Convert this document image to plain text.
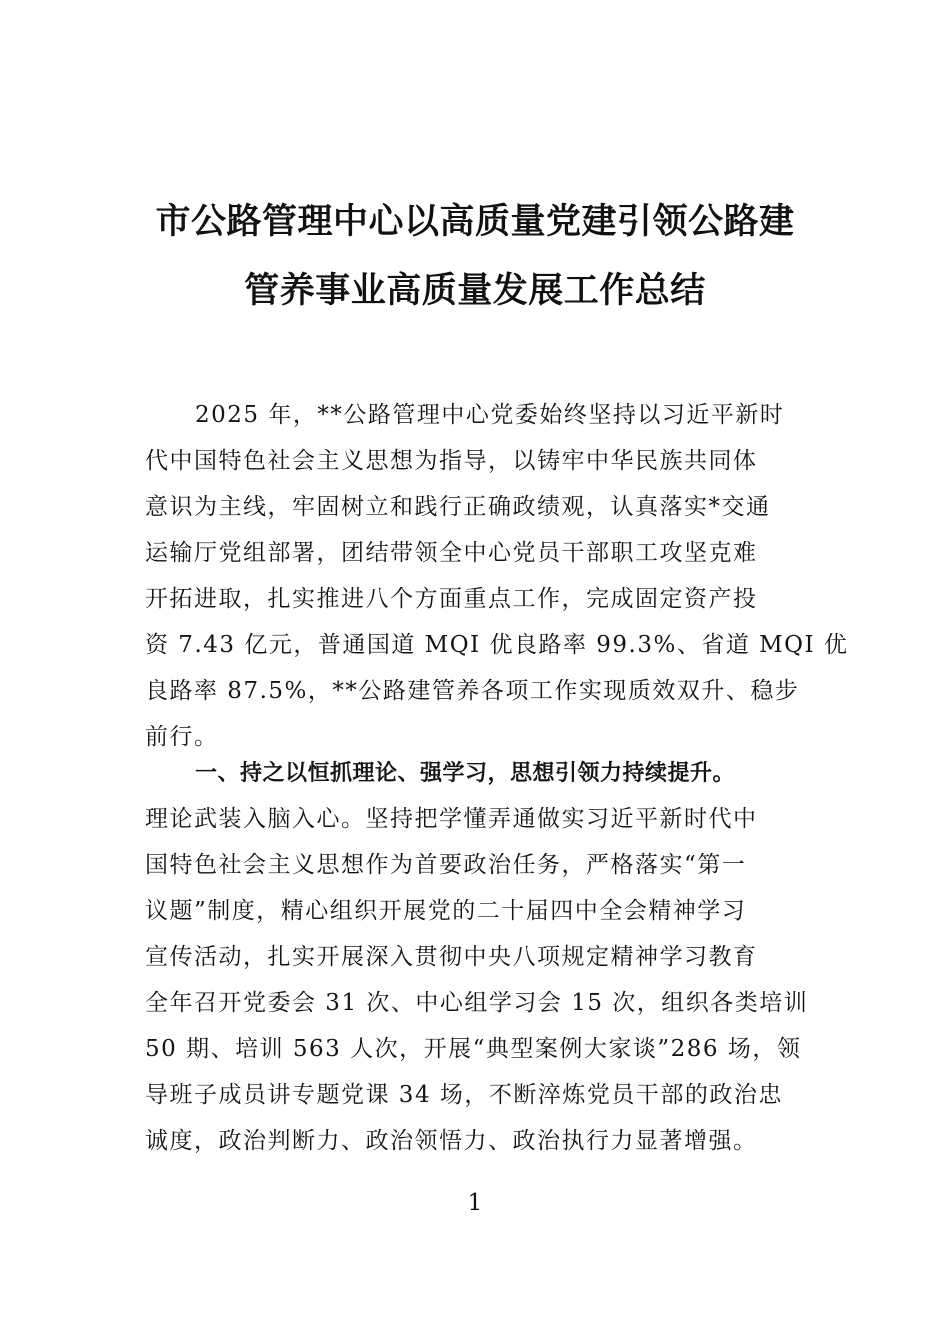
市公路管理中心以高质量党建引领公路建
管养事业高质量发展工作总结
2025 年，**公路管理中心党委始终坚持以习近平新时
代中国特色社会主义思想为指导，以铸牢中华民族共同体
意识为主线，牢固树立和践行正确政绩观，认真落实*交通
运输厅党组部署，团结带领全中心党员干部职工攻坚克难
开拓进取，扎实推进八个方面重点工作，完成固定资产投
资 7.43 亿元，普通国道 MQI 优良路率 99.3%、省道 MQI 优
良路率 87.5%，**公路建管养各项工作实现质效双升、稳步
前行。
一、持之以恒抓理论、强学习，思想引领力持续提升。
理论武装入脑入心。坚持把学懂弄通做实习近平新时代中
国特色社会主义思想作为首要政治任务，严格落实“第一
议题”制度，精心组织开展党的二十届四中全会精神学习
宣传活动，扎实开展深入贯彻中央八项规定精神学习教育
全年召开党委会 31 次、中心组学习会 15 次，组织各类培训
50 期、培训 563 人次，开展“典型案例大家谈”286 场，领
导班子成员讲专题党课 34 场，不断淬炼党员干部的政治忠
诚度，政治判断力、政治领悟力、政治执行力显著增强。
1
